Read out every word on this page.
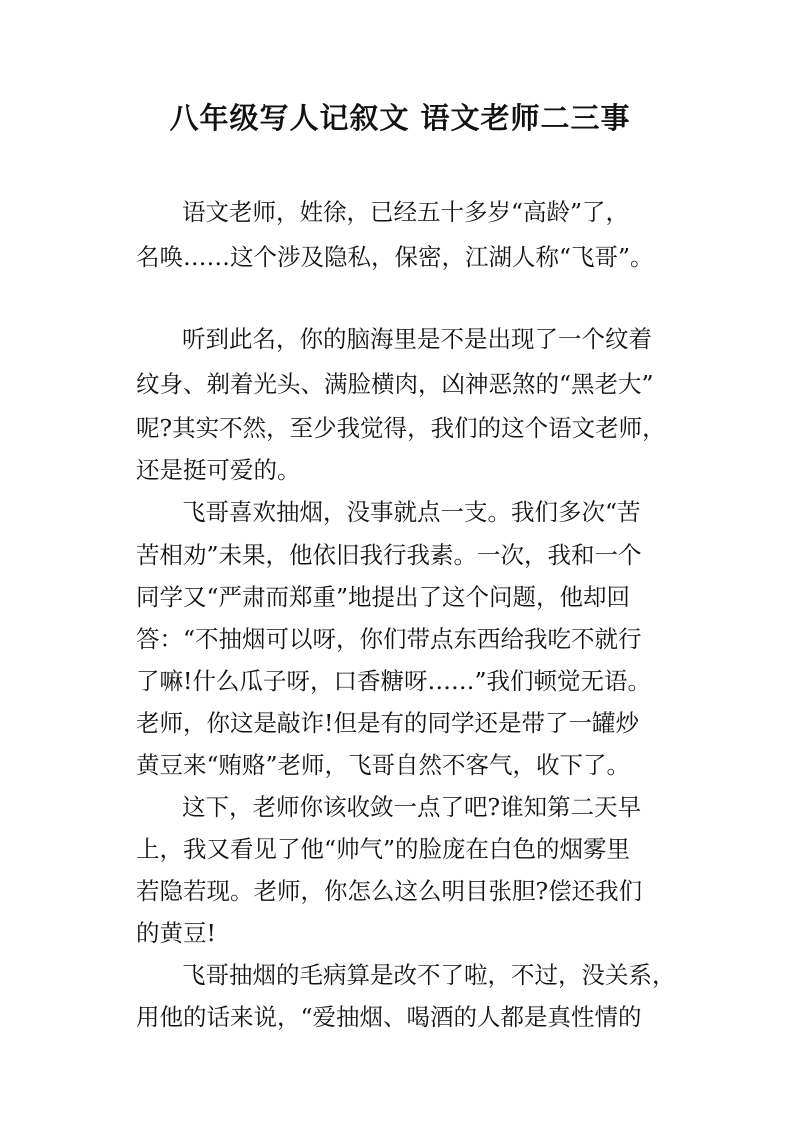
八年级写人记叙文 语文老师二三事

语文老师，姓徐，已经五十多岁“高龄”了，

名唤……这个涉及隐私，保密，江湖人称“飞哥”。

听到此名，你的脑海里是不是出现了一个纹着

纹身、剃着光头、满脸横肉，凶神恶煞的“黑老大”

呢?其实不然，至少我觉得，我们的这个语文老师，

还是挺可爱的。

飞哥喜欢抽烟，没事就点一支。我们多次“苦

苦相劝”未果，他依旧我行我素。一次，我和一个

同学又“严肃而郑重”地提出了这个问题，他却回

答：“不抽烟可以呀，你们带点东西给我吃不就行

了嘛!什么瓜子呀，口香糖呀……”我们顿觉无语。

老师，你这是敲诈!但是有的同学还是带了一罐炒

黄豆来“贿赂”老师，飞哥自然不客气，收下了。

这下，老师你该收敛一点了吧?谁知第二天早

上，我又看见了他“帅气”的脸庞在白色的烟雾里

若隐若现。老师，你怎么这么明目张胆?偿还我们

的黄豆!

飞哥抽烟的毛病算是改不了啦，不过，没关系，

用他的话来说，“爱抽烟、喝酒的人都是真性情的
